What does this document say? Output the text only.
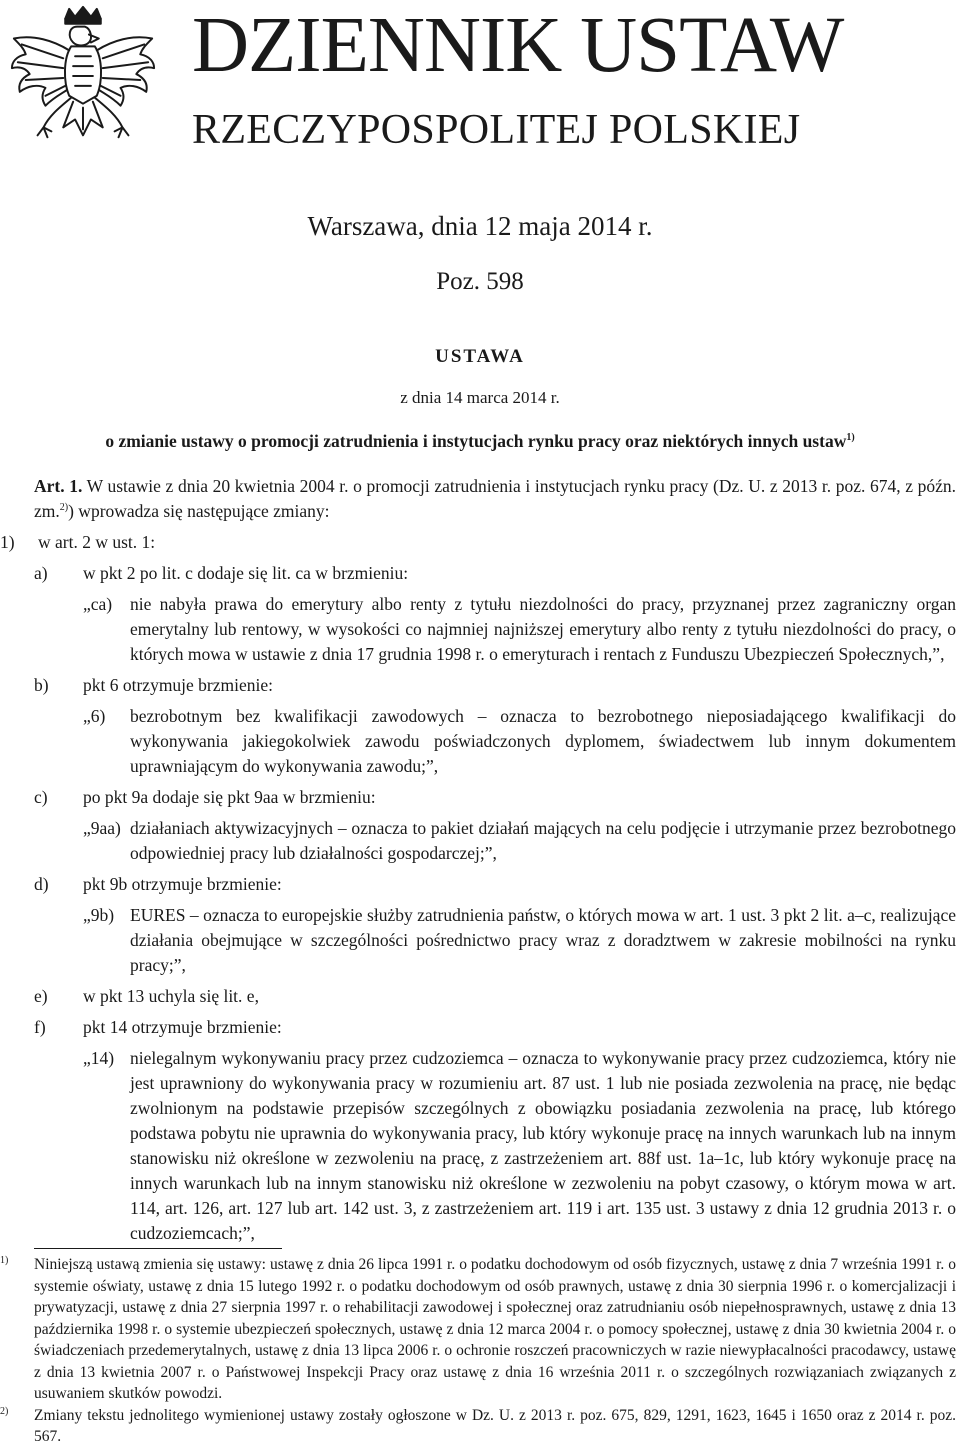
DZIENNIK USTAW
RZECZYPOSPOLITEJ POLSKIEJ
Warszawa, dnia 12 maja 2014 r.
Poz. 598
USTAWA
z dnia 14 marca 2014 r.
o zmianie ustawy o promocji zatrudnienia i instytucjach rynku pracy oraz niektórych innych ustaw$^{1)}$

Art. 1. W ustawie z dnia 20 kwietnia 2004 r. o promocji zatrudnienia i instytucjach rynku pracy (Dz. U. z 2013 r. poz. 674, z późn. zm.$^{2)}$) wprowadza się następujące zmiany:

1)	w art. 2 w ust. 1:
a)	w pkt 2 po lit. c dodaje się lit. ca w brzmieniu:
„ca)	nie nabyła prawa do emerytury albo renty z tytułu niezdolności do pracy, przyznanej przez zagraniczny organ emerytalny lub rentowy, w wysokości co najmniej najniższej emerytury albo renty z tytułu niezdolności do pracy, o których mowa w ustawie z dnia 17 grudnia 1998 r. o emeryturach i rentach z Funduszu Ubezpieczeń Społecznych,”,
b)	pkt 6 otrzymuje brzmienie:
„6)	bezrobotnym bez kwalifikacji zawodowych – oznacza to bezrobotnego nieposiadającego kwalifikacji do wykonywania jakiegokolwiek zawodu poświadczonych dyplomem, świadectwem lub innym dokumentem uprawniającym do wykonywania zawodu;”,
c)	po pkt 9a dodaje się pkt 9aa w brzmieniu:
„9aa) działaniach aktywizacyjnych – oznacza to pakiet działań mających na celu podjęcie i utrzymanie przez bezrobotnego odpowiedniej pracy lub działalności gospodarczej;”,
d)	pkt 9b otrzymuje brzmienie:
„9b) EURES – oznacza to europejskie służby zatrudnienia państw, o których mowa w art. 1 ust. 3 pkt 2 lit. a–c, realizujące działania obejmujące w szczególności pośrednictwo pracy wraz z doradztwem w zakresie mobilności na rynku pracy;”,
e)	w pkt 13 uchyla się lit. e,
f)	pkt 14 otrzymuje brzmienie:
„14) nielegalnym wykonywaniu pracy przez cudzoziemca – oznacza to wykonywanie pracy przez cudzoziemca, który nie jest uprawniony do wykonywania pracy w rozumieniu art. 87 ust. 1 lub nie posiada zezwolenia na pracę, nie będąc zwolnionym na podstawie przepisów szczególnych z obowiązku posiadania zezwolenia na pracę, lub którego podstawa pobytu nie uprawnia do wykonywania pracy, lub który wykonuje pracę na innych warunkach lub na innym stanowisku niż określone w zezwoleniu na pracę, z zastrzeżeniem art. 88f ust. 1a–1c, lub który wykonuje pracę na innych warunkach lub na innym stanowisku niż określone w zezwoleniu na pobyt czasowy, o którym mowa w art. 114, art. 126, art. 127 lub art. 142 ust. 3, z zastrzeżeniem art. 119 i art. 135 ust. 3 ustawy z dnia 12 grudnia 2013 r. o cudzoziemcach;”,
1)	Niniejszą ustawą zmienia się ustawy: ustawę z dnia 26 lipca 1991 r. o podatku dochodowym od osób fizycznych, ustawę z dnia 7 września 1991 r. o systemie oświaty, ustawę z dnia 15 lutego 1992 r. o podatku dochodowym od osób prawnych, ustawę z dnia 30 sierpnia 1996 r. o komercjalizacji i prywatyzacji, ustawę z dnia 27 sierpnia 1997 r. o rehabilitacji zawodowej i społecznej oraz zatrudnianiu osób niepełnosprawnych, ustawę z dnia 13 października 1998 r. o systemie ubezpieczeń społecznych, ustawę z dnia 12 marca 2004 r. o pomocy społecznej, ustawę z dnia 30 kwietnia 2004 r. o świadczeniach przedemerytalnych, ustawę z dnia 13 lipca 2006 r. o ochronie roszczeń pracowniczych w razie niewypłacalności pracodawcy, ustawę z dnia 13 kwietnia 2007 r. o Państwowej Inspekcji Pracy oraz ustawę z dnia 16 września 2011 r. o szczególnych rozwiązaniach związanych z usuwaniem skutków powodzi.
2)	Zmiany tekstu jednolitego wymienionej ustawy zostały ogłoszone w Dz. U. z 2013 r. poz. 675, 829, 1291, 1623, 1645 i 1650 oraz z 2014 r. poz. 567.
